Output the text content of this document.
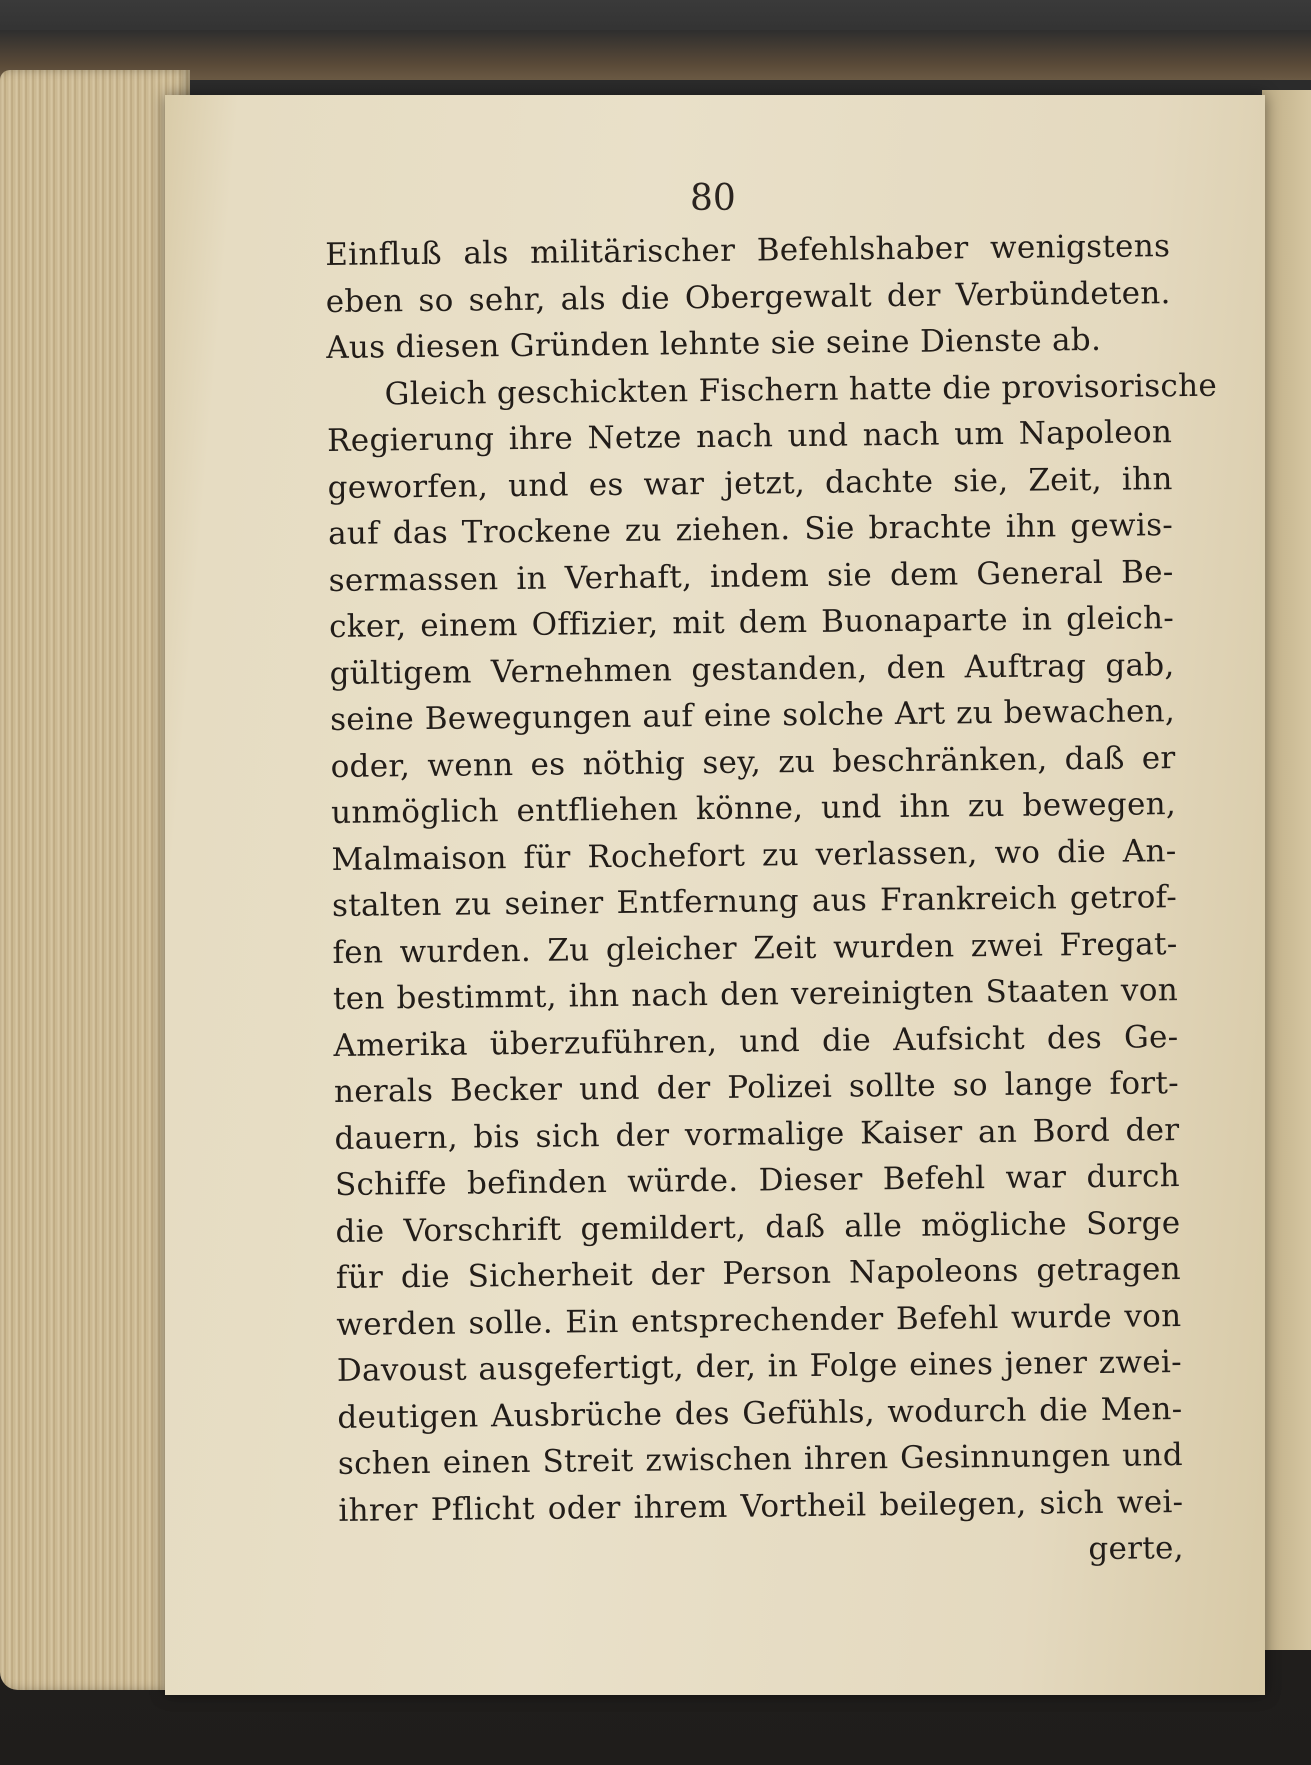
80
Einfluß als militärischer Befehlshaber wenigstens
eben so sehr, als die Obergewalt der Verbündeten.
Aus diesen Gründen lehnte sie seine Dienste ab.
Gleich geschickten Fischern hatte die provisorische
Regierung ihre Netze nach und nach um Napoleon
geworfen, und es war jetzt, dachte sie, Zeit, ihn
auf das Trockene zu ziehen. Sie brachte ihn gewis-
sermassen in Verhaft, indem sie dem General Be-
cker, einem Offizier, mit dem Buonaparte in gleich-
gültigem Vernehmen gestanden, den Auftrag gab,
seine Bewegungen auf eine solche Art zu bewachen,
oder, wenn es nöthig sey, zu beschränken, daß er
unmöglich entfliehen könne, und ihn zu bewegen,
Malmaison für Rochefort zu verlassen, wo die An-
stalten zu seiner Entfernung aus Frankreich getrof-
fen wurden. Zu gleicher Zeit wurden zwei Fregat-
ten bestimmt, ihn nach den vereinigten Staaten von
Amerika überzuführen, und die Aufsicht des Ge-
nerals Becker und der Polizei sollte so lange fort-
dauern, bis sich der vormalige Kaiser an Bord der
Schiffe befinden würde. Dieser Befehl war durch
die Vorschrift gemildert, daß alle mögliche Sorge
für die Sicherheit der Person Napoleons getragen
werden solle. Ein entsprechender Befehl wurde von
Davoust ausgefertigt, der, in Folge eines jener zwei-
deutigen Ausbrüche des Gefühls, wodurch die Men-
schen einen Streit zwischen ihren Gesinnungen und
ihrer Pflicht oder ihrem Vortheil beilegen, sich wei-
gerte,
